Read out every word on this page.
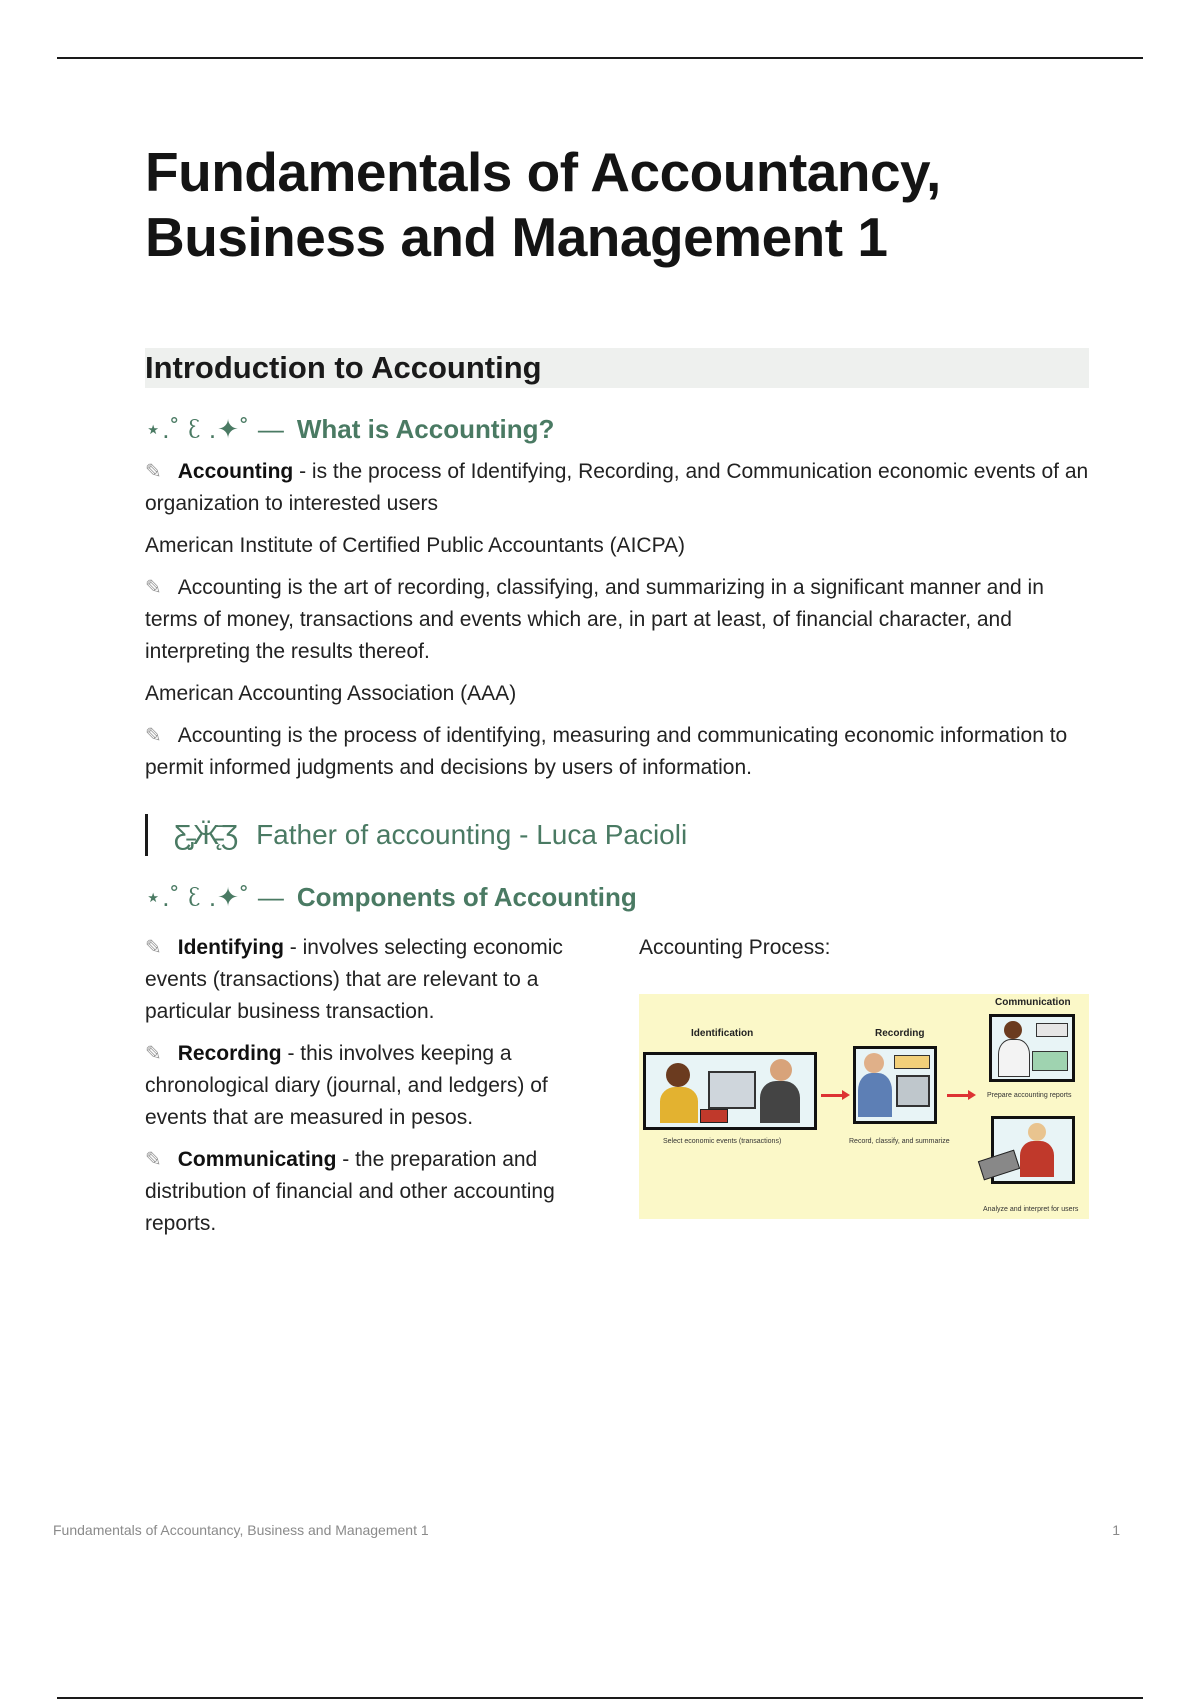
Fundamentals of Accountancy,
Business and Management 1
Introduction to Accounting
⋆.˚ ᦷ .✦˚ — What is Accounting?

✎ Accounting - is the process of Identifying, Recording, and Communication economic events of an organization to interested users

American Institute of Certified Public Accountants (AICPA)

✎ Accounting is the art of recording, classifying, and summarizing in a significant manner and in terms of money, transactions and events which are, in part at least, of financial character, and interpreting the results thereof.

American Accounting Association (AAA)

✎ Accounting is the process of identifying, measuring and communicating economic information to permit informed judgments and decisions by users of information.

Ƹ̵̡Ӝ̵̨̄Ʒ Father of accounting - Luca Pacioli
⋆.˚ ᦷ .✦˚ — Components of Accounting

✎ Identifying - involves selecting economic events (transactions) that are relevant to a particular business transaction.

✎ Recording - this involves keeping a chronological diary (journal, and ledgers) of events that are measured in pesos.

✎ Communicating - the preparation and distribution of financial and other accounting reports.

Accounting Process:

Identification	Recording
Communication
Select economic events (transactions)	Record, classify, and summarize
Prepare accounting reports
Analyze and interpret for users
Fundamentals of Accountancy, Business and Management 1	1
